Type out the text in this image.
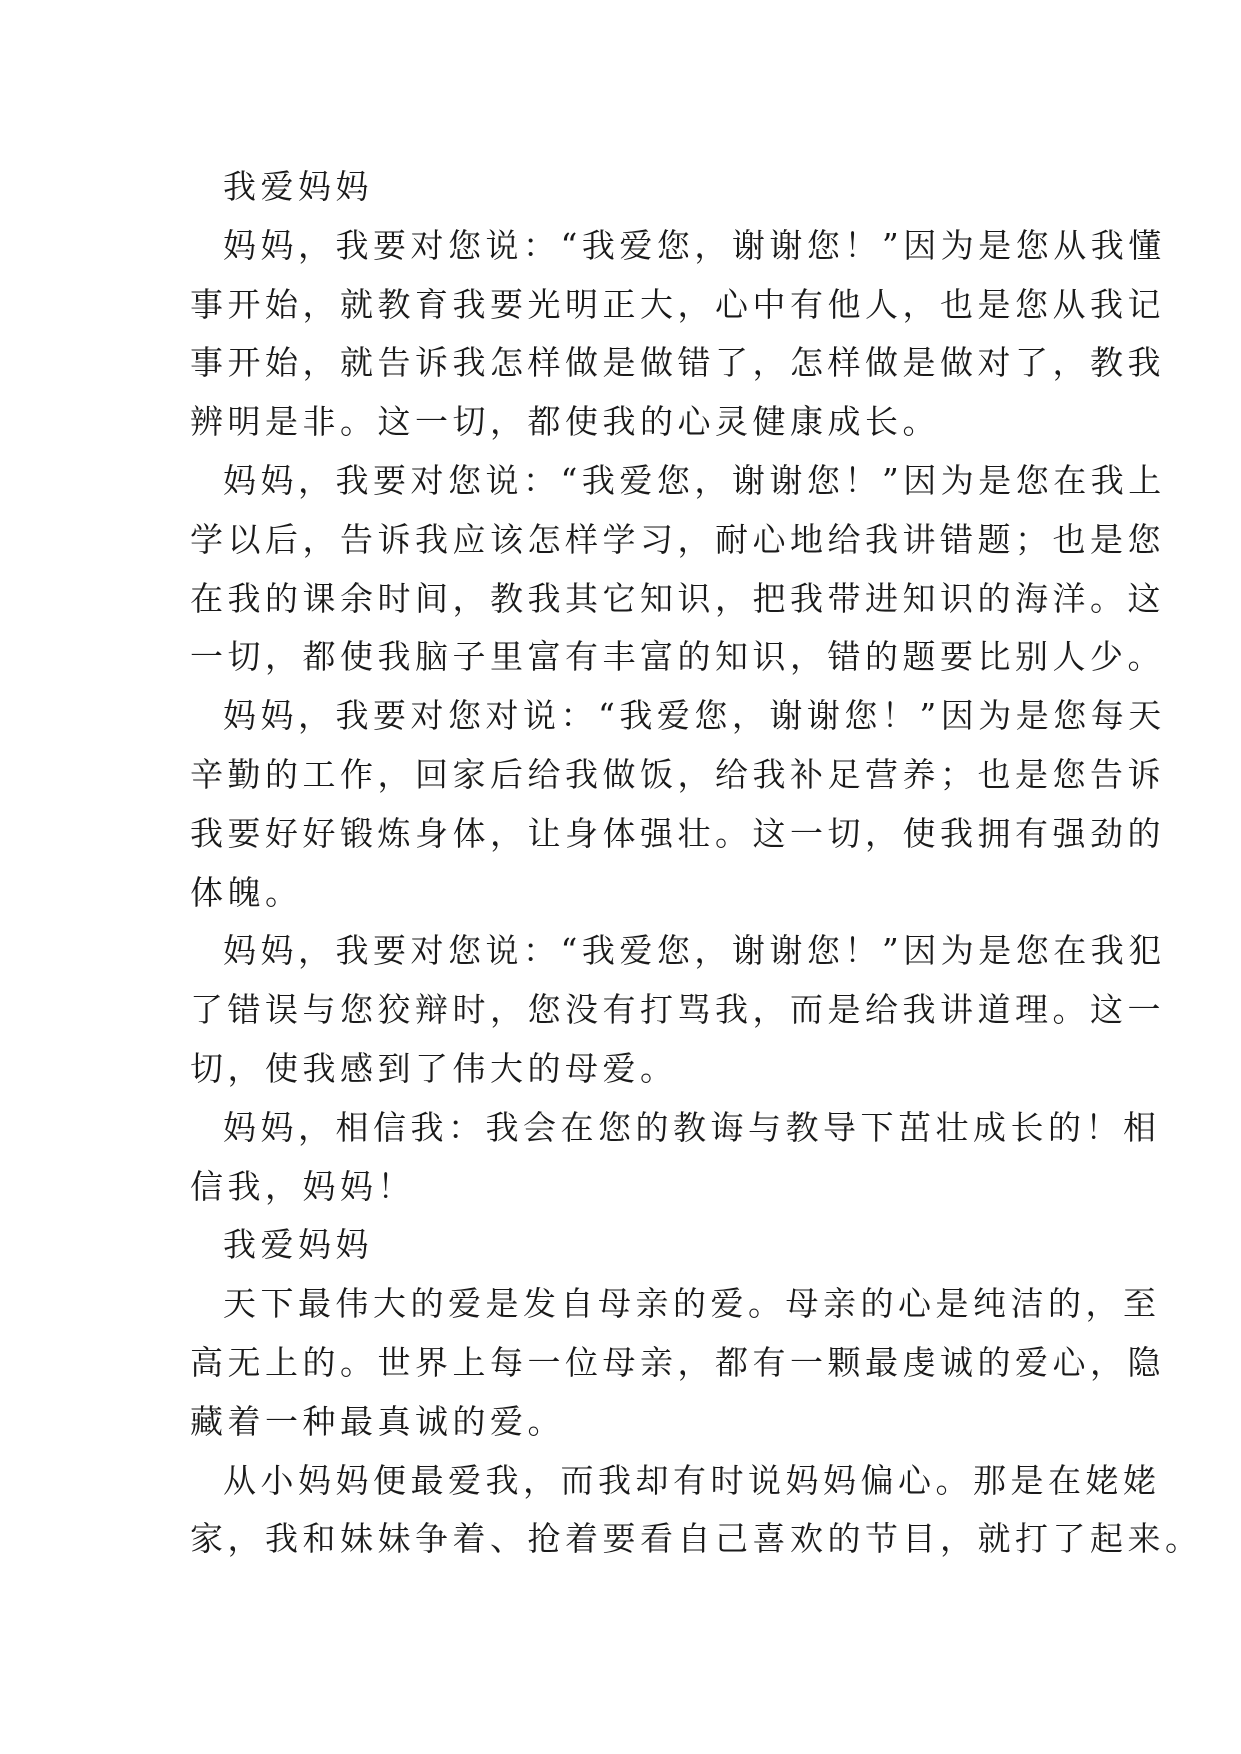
我爱妈妈
妈妈，我要对您说：“我爱您，谢谢您！”因为是您从我懂
事开始，就教育我要光明正大，心中有他人，也是您从我记
事开始，就告诉我怎样做是做错了，怎样做是做对了，教我
辨明是非。这一切，都使我的心灵健康成长。
妈妈，我要对您说：“我爱您，谢谢您！”因为是您在我上
学以后，告诉我应该怎样学习，耐心地给我讲错题；也是您
在我的课余时间，教我其它知识，把我带进知识的海洋。这
一切，都使我脑子里富有丰富的知识，错的题要比别人少。
妈妈，我要对您对说：“我爱您，谢谢您！”因为是您每天
辛勤的工作，回家后给我做饭，给我补足营养；也是您告诉
我要好好锻炼身体，让身体强壮。这一切，使我拥有强劲的
体魄。
妈妈，我要对您说：“我爱您，谢谢您！”因为是您在我犯
了错误与您狡辩时，您没有打骂我，而是给我讲道理。这一
切，使我感到了伟大的母爱。
妈妈，相信我：我会在您的教诲与教导下茁壮成长的！相
信我，妈妈！
我爱妈妈
天下最伟大的爱是发自母亲的爱。母亲的心是纯洁的，至
高无上的。世界上每一位母亲，都有一颗最虔诚的爱心，隐
藏着一种最真诚的爱。
从小妈妈便最爱我，而我却有时说妈妈偏心。那是在姥姥
家，我和妹妹争着、抢着要看自己喜欢的节目，就打了起来。
